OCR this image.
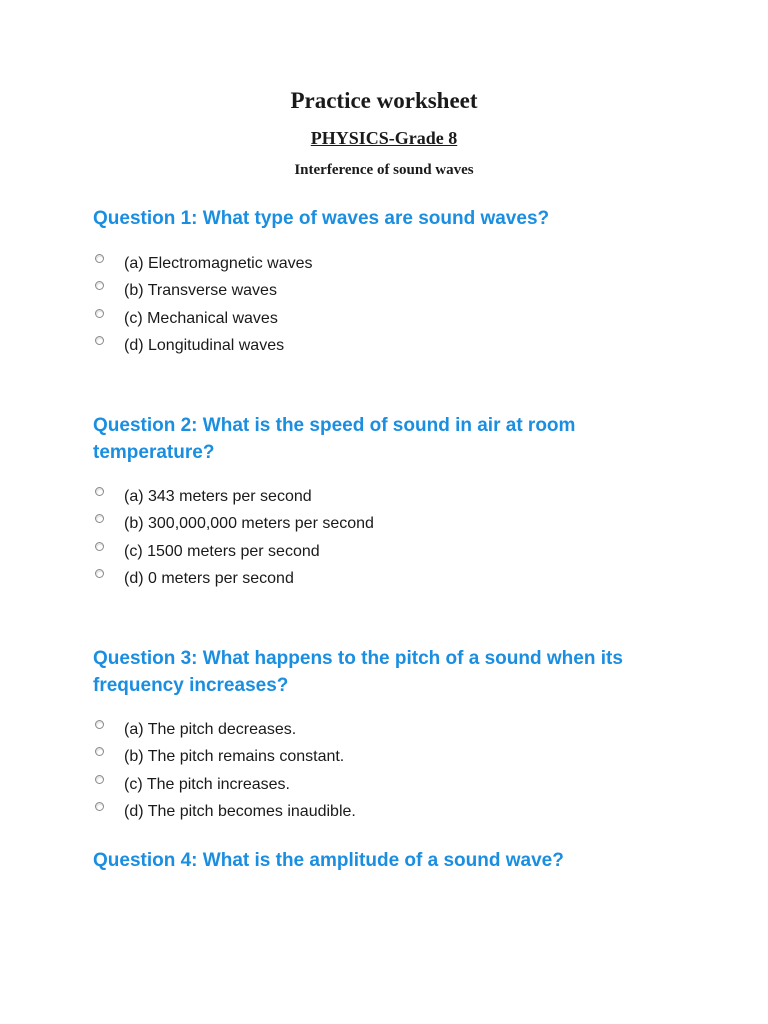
Practice worksheet
PHYSICS-Grade 8
Interference of sound waves

Question 1: What type of waves are sound waves?

(a) Electromagnetic waves
(b) Transverse waves
(c) Mechanical waves
(d) Longitudinal waves

Question 2: What is the speed of sound in air at room temperature?

(a) 343 meters per second
(b) 300,000,000 meters per second
(c) 1500 meters per second
(d) 0 meters per second

Question 3: What happens to the pitch of a sound when its frequency increases?

(a) The pitch decreases.
(b) The pitch remains constant.
(c) The pitch increases.
(d) The pitch becomes inaudible.

Question 4: What is the amplitude of a sound wave?
